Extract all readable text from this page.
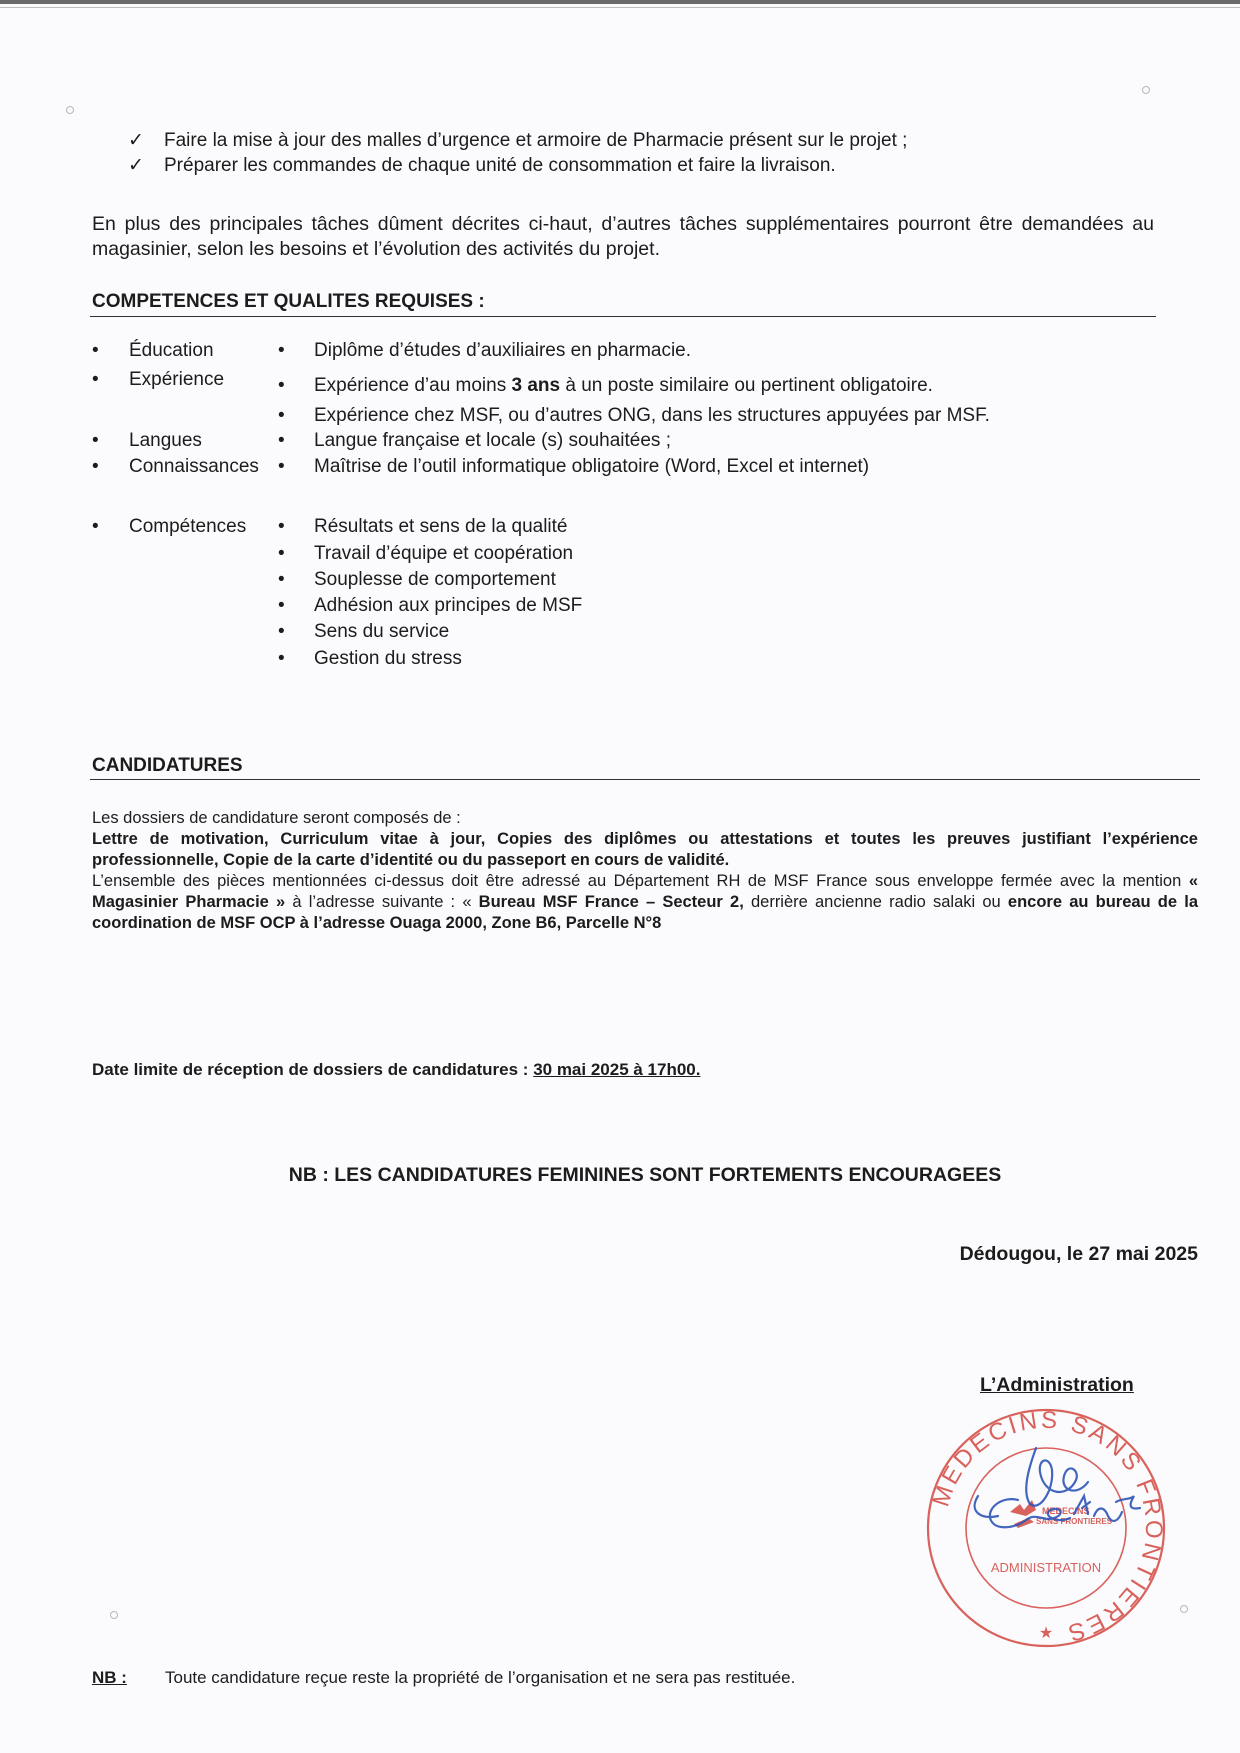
✓ Faire la mise à jour des malles d’urgence et armoire de Pharmacie présent sur le projet ;
✓ Préparer les commandes de chaque unité de consommation et faire la livraison.
En plus des principales tâches dûment décrites ci-haut, d’autres tâches supplémentaires pourront être demandées au magasinier, selon les besoins et l’évolution des activités du projet.
COMPETENCES ET QUALITES REQUISES :
• Éducation
• Expérience
• Langues
• Connaissances
• Compétences
• Diplôme d’études d’auxiliaires en pharmacie.
• Expérience d’au moins 3 ans à un poste similaire ou pertinent obligatoire.
• Expérience chez MSF, ou d’autres ONG, dans les structures appuyées par MSF.
• Langue française et locale (s) souhaitées ;
• Maîtrise de l’outil informatique obligatoire (Word, Excel et internet)
• Résultats et sens de la qualité
• Travail d’équipe et coopération
• Souplesse de comportement
• Adhésion aux principes de MSF
• Sens du service
• Gestion du stress
CANDIDATURES
Les dossiers de candidature seront composés de :
Lettre de motivation, Curriculum vitae à jour, Copies des diplômes ou attestations et toutes les preuves justifiant l’expérience professionnelle, Copie de la carte d’identité ou du passeport en cours de validité.
L’ensemble des pièces mentionnées ci-dessus doit être adressé au Département RH de MSF France sous enveloppe fermée avec la mention « Magasinier Pharmacie » à l’adresse suivante : « Bureau MSF France – Secteur 2, derrière ancienne radio salaki ou encore au bureau de la coordination de MSF OCP à l’adresse Ouaga 2000, Zone B6, Parcelle N°8
Date limite de réception de dossiers de candidatures : 30 mai 2025 à 17h00.
NB : LES CANDIDATURES FEMININES SONT FORTEMENTS ENCOURAGEES
Dédougou, le 27 mai 2025
L’Administration
MEDECINS SANS FRONTIERES
MEDECINS
SANS FRONTIERES
ADMINISTRATION
★
NB : Toute candidature reçue reste la propriété de l’organisation et ne sera pas restituée.
